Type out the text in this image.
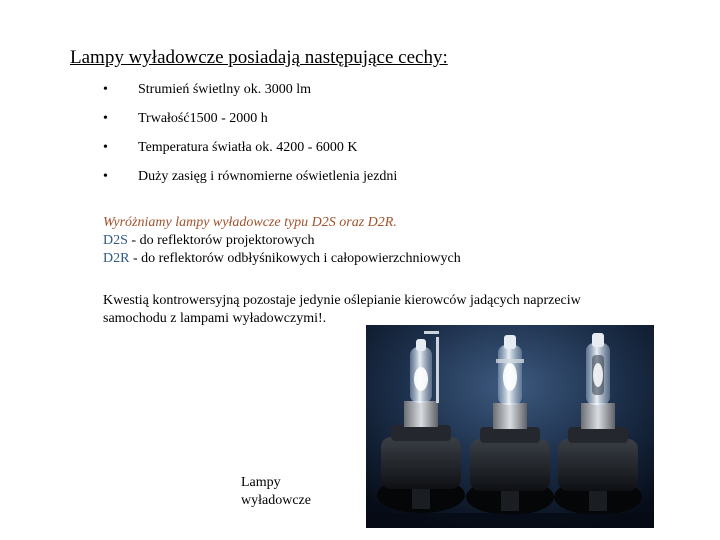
Lampy wyładowcze posiadają następujące cechy:
•	Strumień świetlny ok. 3000 lm
•	Trwałość1500 - 2000 h
•	Temperatura światła ok. 4200 - 6000 K
•	Duży zasięg i równomierne oświetlenia jezdni
Wyróżniamy lampy wyładowcze typu D2S oraz D2R.
D2S - do reflektorów projektorowych
D2R - do reflektorów odbłyśnikowych i całopowierzchniowych
Kwestią kontrowersyjną pozostaje jedynie oślepianie kierowców jadących naprzeciw
samochodu z lampami wyładowczymi!.
Lampy
wyładowcze
